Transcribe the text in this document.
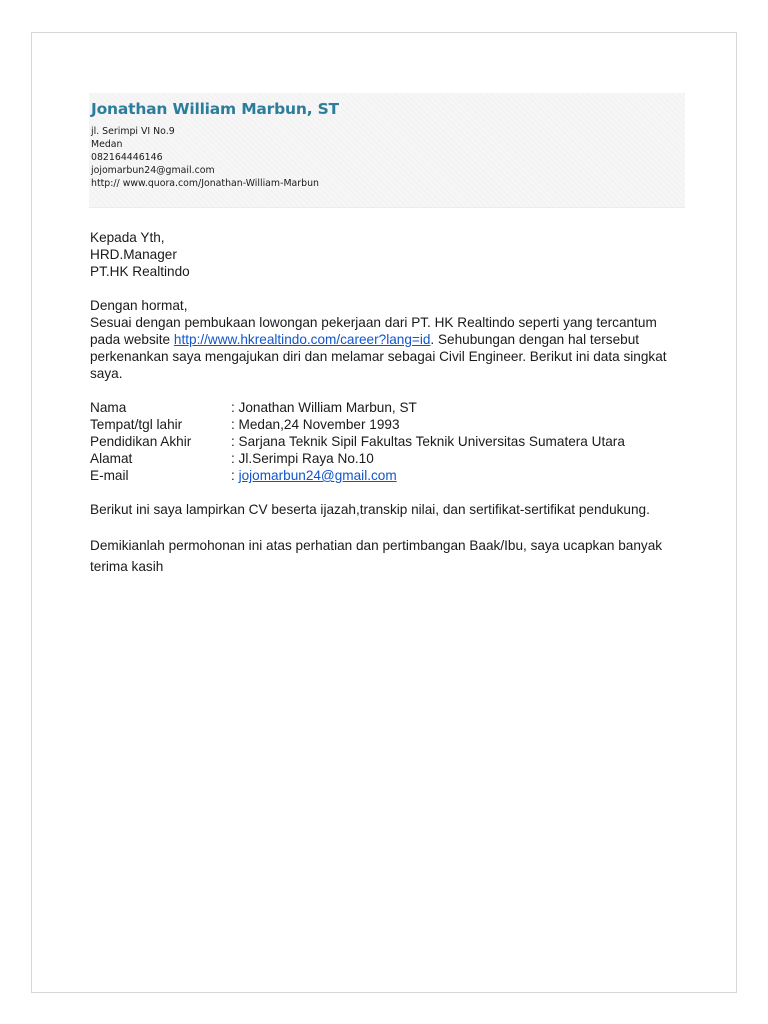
Jonathan William Marbun, ST
jl. Serimpi VI No.9
Medan
082164446146
jojomarbun24@gmail.com
http:// www.quora.com/Jonathan-William-Marbun
Kepada Yth,
HRD.Manager
PT.HK Realtindo
Dengan hormat,
Sesuai dengan pembukaan lowongan pekerjaan dari PT. HK Realtindo seperti yang tercantum pada website http://www.hkrealtindo.com/career?lang=id. Sehubungan dengan hal tersebut perkenankan saya mengajukan diri dan melamar sebagai Civil Engineer. Berikut ini data singkat saya.
Nama	: Jonathan William Marbun, ST
Tempat/tgl lahir	: Medan,24 November 1993
Pendidikan Akhir	: Sarjana Teknik Sipil Fakultas Teknik Universitas Sumatera Utara
Alamat	: Jl.Serimpi Raya No.10
E-mail	: jojomarbun24@gmail.com
Berikut ini saya lampirkan CV beserta ijazah,transkip nilai, dan sertifikat-sertifikat pendukung.
Demikianlah permohonan ini atas perhatian dan pertimbangan Baak/Ibu, saya ucapkan banyak terima kasih
